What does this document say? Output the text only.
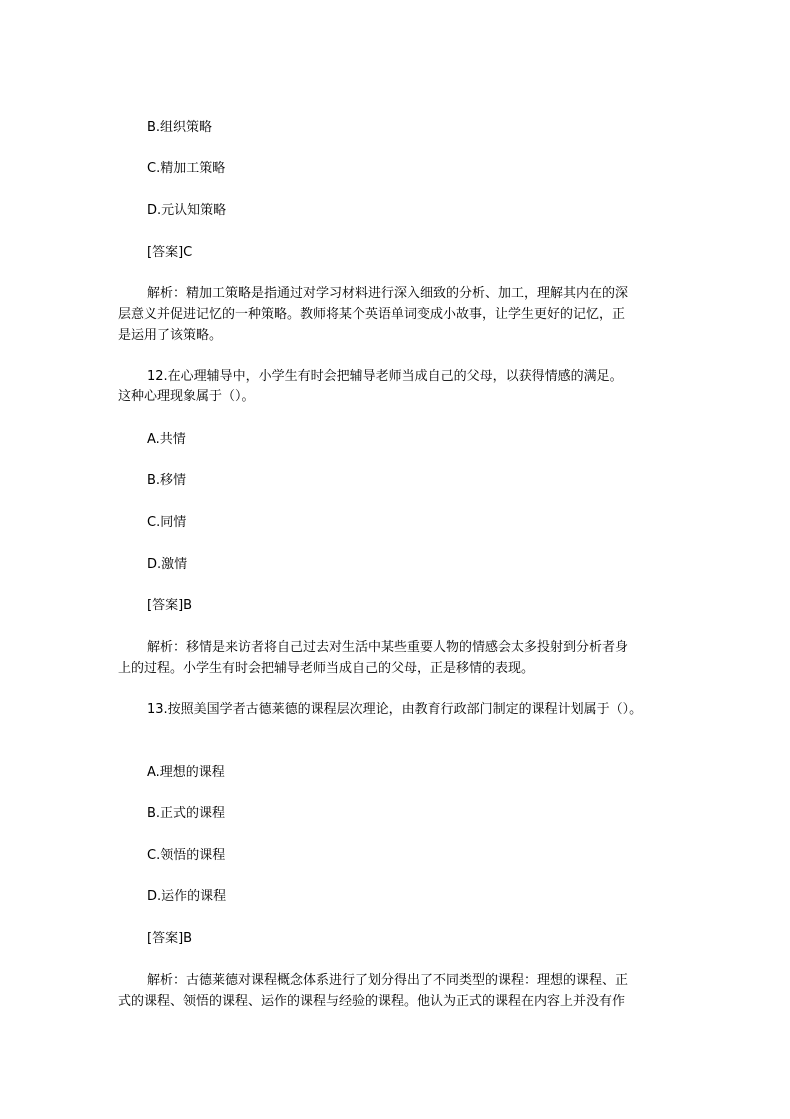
B.组织策略
C.精加工策略
D.元认知策略
[答案]C
解析：精加工策略是指通过对学习材料进行深入细致的分析、加工，理解其内在的深
层意义并促进记忆的一种策略。教师将某个英语单词变成小故事，让学生更好的记忆，正
是运用了该策略。
12.在心理辅导中，小学生有时会把辅导老师当成自己的父母，以获得情感的满足。
这种心理现象属于（）。
A.共情
B.移情
C.同情
D.激情
[答案]B
解析：移情是来访者将自己过去对生活中某些重要人物的情感会太多投射到分析者身
上的过程。小学生有时会把辅导老师当成自己的父母，正是移情的表现。
13.按照美国学者古德莱德的课程层次理论，由教育行政部门制定的课程计划属于（）。
A.理想的课程
B.正式的课程
C.领悟的课程
D.运作的课程
[答案]B
解析：古德莱德对课程概念体系进行了划分得出了不同类型的课程：理想的课程、正
式的课程、领悟的课程、运作的课程与经验的课程。他认为正式的课程在内容上并没有作
